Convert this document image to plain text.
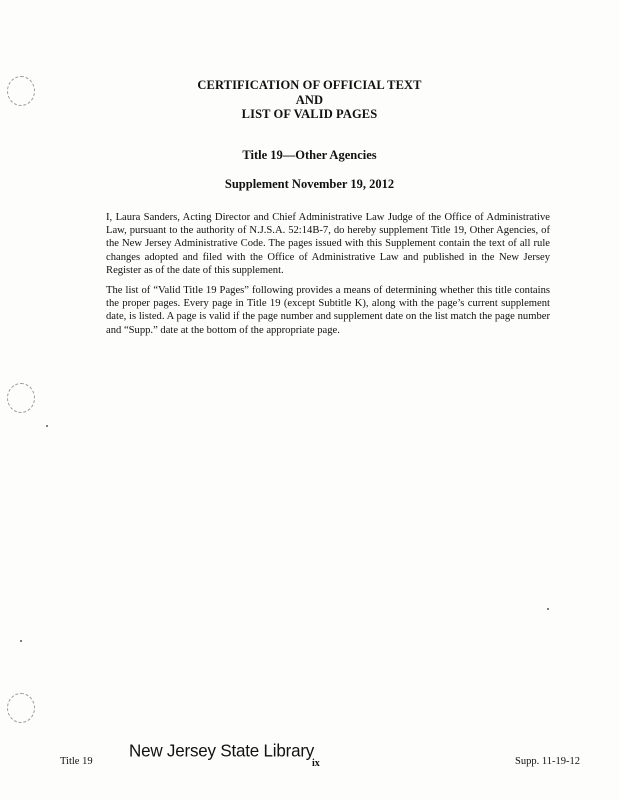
CERTIFICATION OF OFFICIAL TEXT
AND
LIST OF VALID PAGES
Title 19—Other Agencies
Supplement November 19, 2012

I, Laura Sanders, Acting Director and Chief Administrative Law Judge of the Office of Administrative Law, pursuant to the authority of N.J.S.A. 52:14B-7, do hereby supplement Title 19, Other Agencies, of the New Jersey Administrative Code. The pages issued with this Supplement contain the text of all rule changes adopted and filed with the Office of Administrative Law and published in the New Jersey Register as of the date of this supplement.

The list of “Valid Title 19 Pages” following provides a means of determining whether this title contains the proper pages. Every page in Title 19 (except Subtitle K), along with the page’s current supplement date, is listed. A page is valid if the page number and supplement date on the list match the page number and “Supp.” date at the bottom of the appropriate page.

Title 19
New Jersey State Library
ix	Supp. 11-19-12
